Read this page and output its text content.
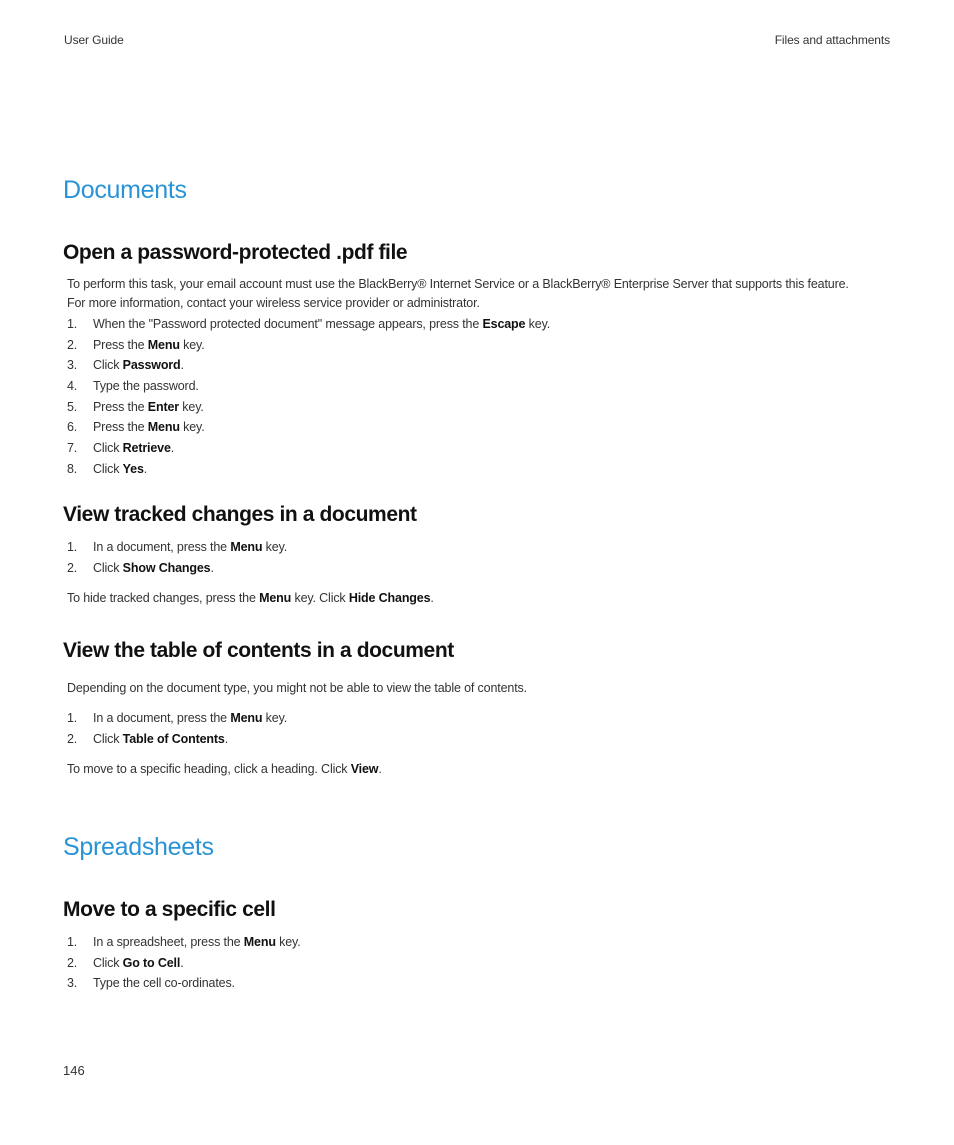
User Guide	Files and attachments
Documents
Open a password-protected .pdf file

To perform this task, your email account must use the BlackBerry® Internet Service or a BlackBerry® Enterprise Server that supports this feature.
For more information, contact your wireless service provider or administrator.

1. When the "Password protected document" message appears, press the Escape key.
2. Press the Menu key.
3. Click Password.
4. Type the password.
5. Press the Enter key.
6. Press the Menu key.
7. Click Retrieve.
8. Click Yes.
View tracked changes in a document
1. In a document, press the Menu key.
2. Click Show Changes.

To hide tracked changes, press the Menu key. Click Hide Changes.

View the table of contents in a document

Depending on the document type, you might not be able to view the table of contents.

1. In a document, press the Menu key.
2. Click Table of Contents.

To move to a specific heading, click a heading. Click View.

Spreadsheets
Move to a specific cell
1. In a spreadsheet, press the Menu key.
2. Click Go to Cell.
3. Type the cell co-ordinates.
146
